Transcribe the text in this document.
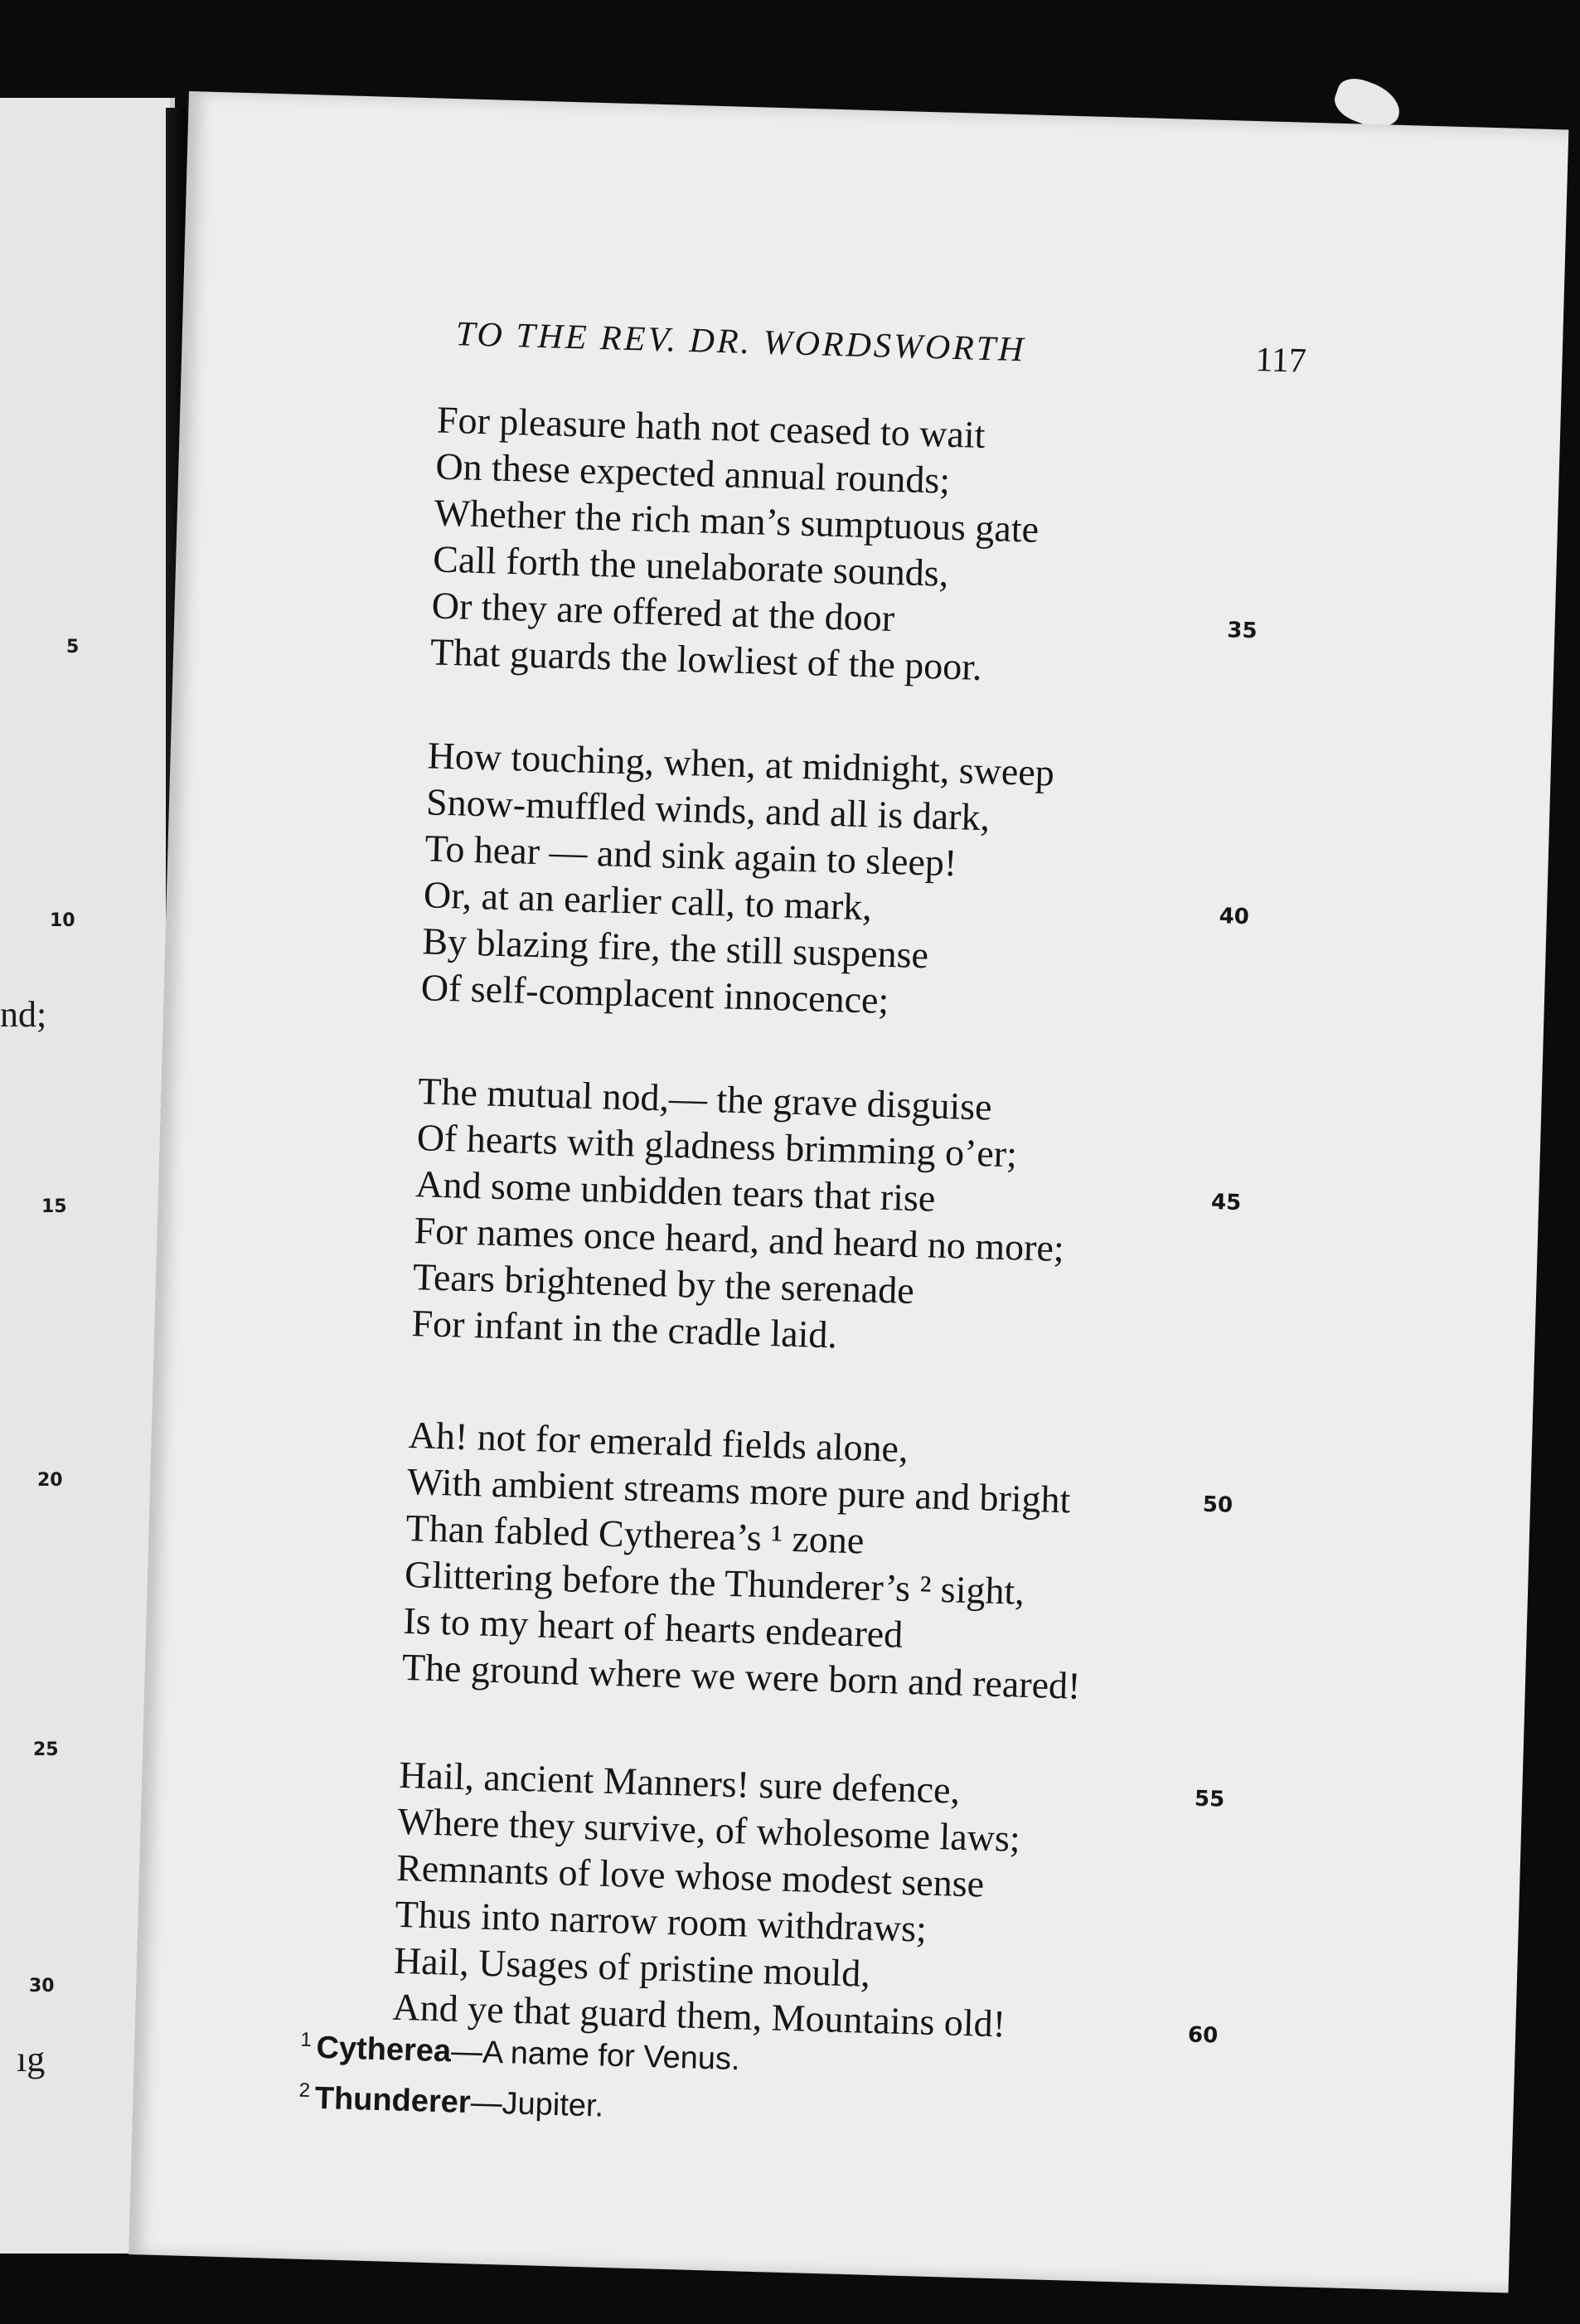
5
10
nd;
15
20
25
30
ıg
TO THE REV. DR. WORDSWORTH	117
For pleasure hath not ceased to wait
On these expected annual rounds;
Whether the rich man’s sumptuous gate
Call forth the unelaborate sounds,
Or they are offered at the door
That guards the lowliest of the poor.	35
How touching, when, at midnight, sweep
Snow-muffled winds, and all is dark,
To hear — and sink again to sleep!
Or, at an earlier call, to mark,
By blazing fire, the still suspense
Of self-complacent innocence;
40
The mutual nod,— the grave disguise
Of hearts with gladness brimming o’er;
And some unbidden tears that rise
For names once heard, and heard no more;
Tears brightened by the serenade
For infant in the cradle laid.
45
Ah! not for emerald fields alone,
With ambient streams more pure and bright
Than fabled Cytherea’s ¹ zone
Glittering before the Thunderer’s ² sight,
Is to my heart of hearts endeared
The ground where we were born and reared!
50
Hail, ancient Manners! sure defence,
Where they survive, of wholesome laws;
Remnants of love whose modest sense
Thus into narrow room withdraws;
Hail, Usages of pristine mould,
And ye that guard them, Mountains old!
55
60
$^1$ Cytherea—A name for Venus.
$^2$ Thunderer—Jupiter.
